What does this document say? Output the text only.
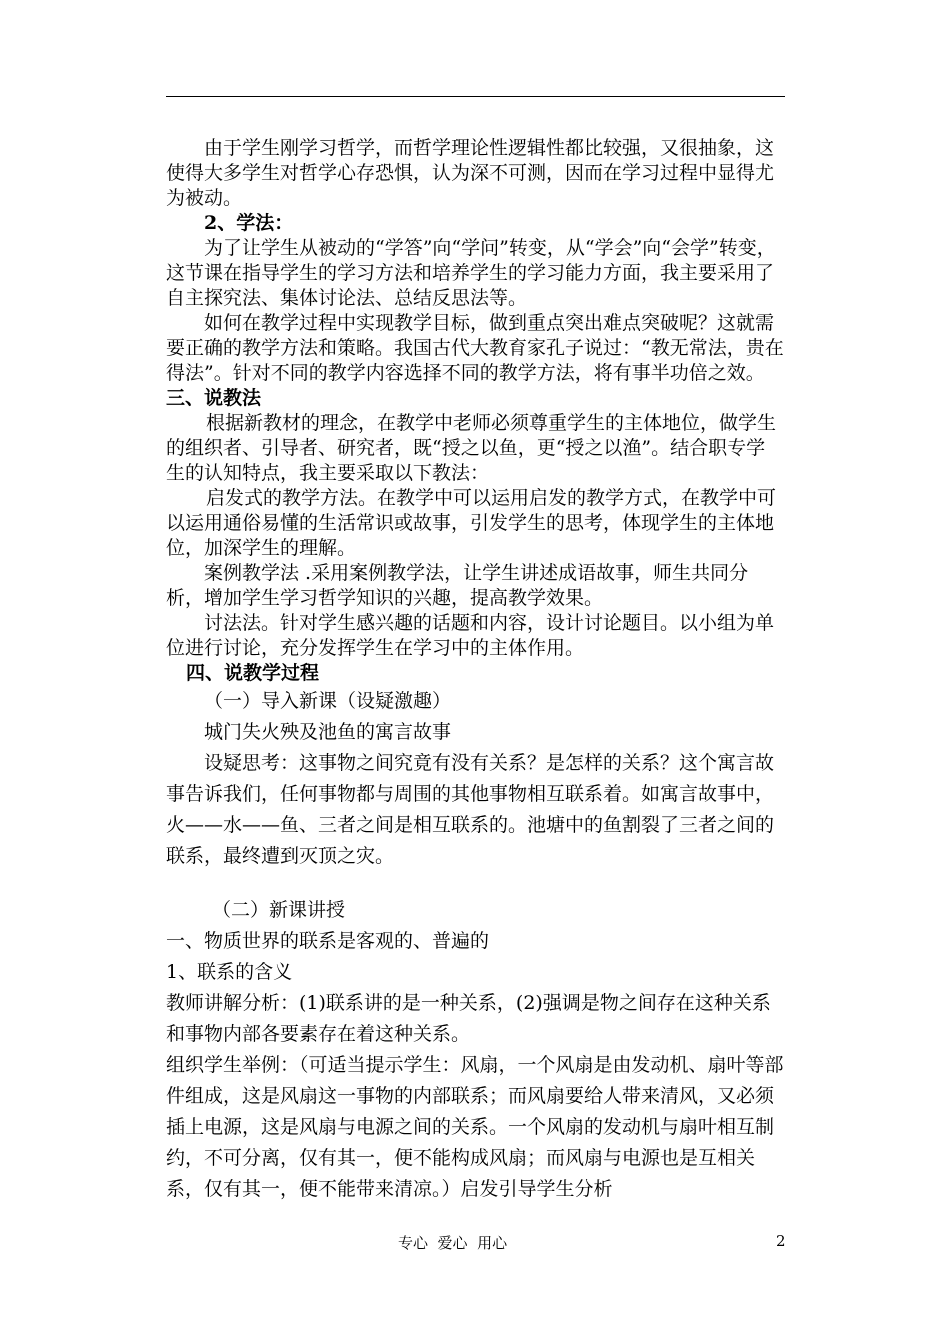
由于学生刚学习哲学，而哲学理论性逻辑性都比较强，又很抽象，这使得大多学生对哲学心存恐惧，认为深不可测，因而在学习过程中显得尤为被动。

2、学法：

为了让学生从被动的“学答”向“学问”转变，从“学会”向“会学”转变，这节课在指导学生的学习方法和培养学生的学习能力方面，我主要采用了自主探究法、集体讨论法、总结反思法等。

如何在教学过程中实现教学目标，做到重点突出难点突破呢？这就需要正确的教学方法和策略。我国古代大教育家孔子说过：“教无常法，贵在得法”。针对不同的教学内容选择不同的教学方法，将有事半功倍之效。

三、说教法

根据新教材的理念，在教学中老师必须尊重学生的主体地位，做学生的组织者、引导者、研究者，既“授之以鱼，更“授之以渔”。结合职专学生的认知特点，我主要采取以下教法：

启发式的教学方法。在教学中可以运用启发的教学方式，在教学中可以运用通俗易懂的生活常识或故事，引发学生的思考，体现学生的主体地位，加深学生的理解。

案例教学法 .采用案例教学法，让学生讲述成语故事，师生共同分析，增加学生学习哲学知识的兴趣，提高教学效果。

讨法法。针对学生感兴趣的话题和内容，设计讨论题目。以小组为单位进行讨论，充分发挥学生在学习中的主体作用。

四、说教学过程

（一）导入新课（设疑激趣）

城门失火殃及池鱼的寓言故事

设疑思考：这事物之间究竟有没有关系？是怎样的关系？这个寓言故事告诉我们，任何事物都与周围的其他事物相互联系着。如寓言故事中，火——水——鱼、三者之间是相互联系的。池塘中的鱼割裂了三者之间的联系，最终遭到灭顶之灾。

（二）新课讲授

一、物质世界的联系是客观的、普遍的

1、联系的含义

教师讲解分析：(1)联系讲的是一种关系，(2)强调是物之间存在这种关系和事物内部各要素存在着这种关系。

组织学生举例：（可适当提示学生：风扇，一个风扇是由发动机、扇叶等部件组成，这是风扇这一事物的内部联系；而风扇要给人带来清风，又必须插上电源，这是风扇与电源之间的关系。一个风扇的发动机与扇叶相互制约，不可分离，仅有其一，便不能构成风扇；而风扇与电源也是互相关系，仅有其一，便不能带来清凉。）启发引导学生分析

专心  爱心  用心	2
